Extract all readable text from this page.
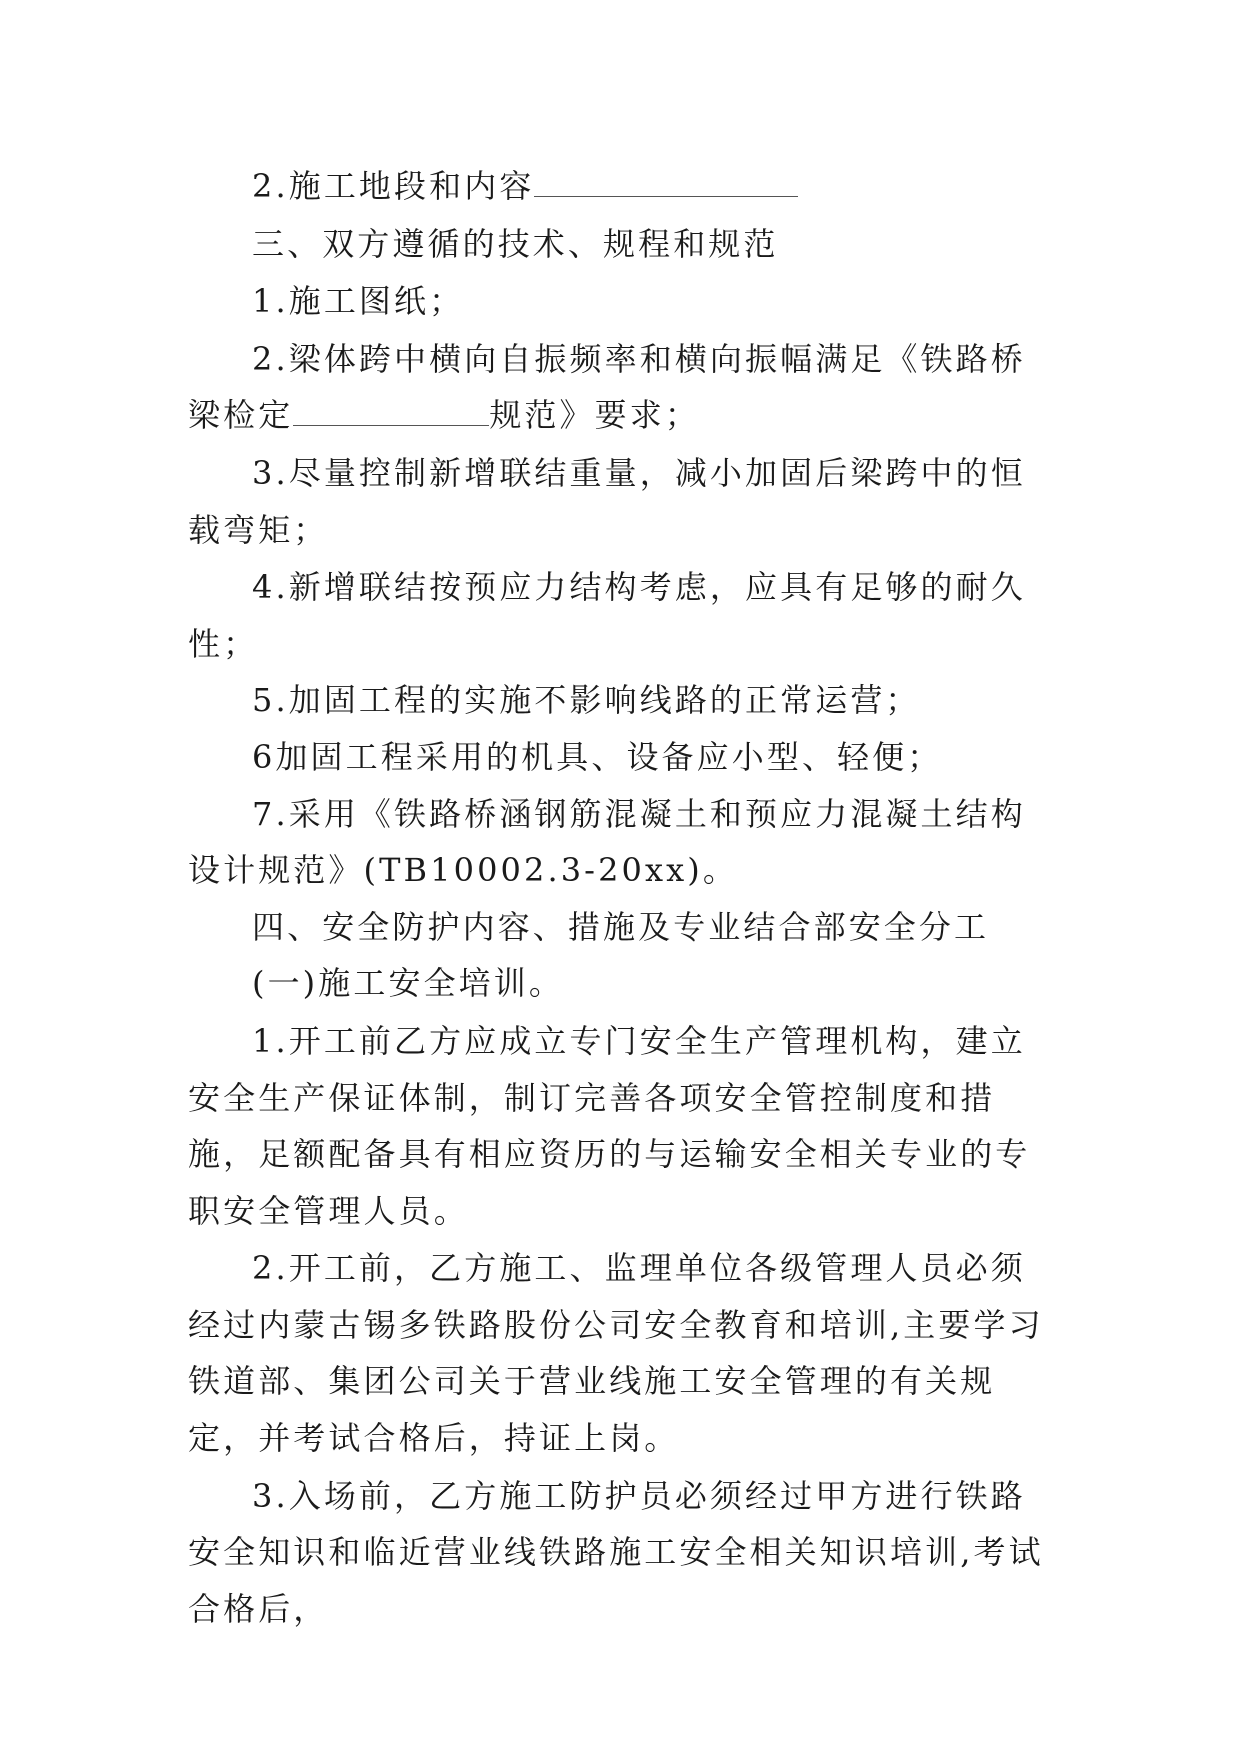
2.施工地段和内容

三、双方遵循的技术、规程和规范

1.施工图纸；

2.梁体跨中横向自振频率和横向振幅满足《铁路桥梁检定	规范》要求；

3.尽量控制新增联结重量，减小加固后梁跨中的恒载弯矩；

4.新增联结按预应力结构考虑，应具有足够的耐久性；

5.加固工程的实施不影响线路的正常运营；

6加固工程采用的机具、设备应小型、轻便；

7.采用《铁路桥涵钢筋混凝土和预应力混凝土结构设计规范》(TB10002.3-20xx)。

四、安全防护内容、措施及专业结合部安全分工

(一)施工安全培训。

1.开工前乙方应成立专门安全生产管理机构，建立安全生产保证体制，制订完善各项安全管控制度和措施，足额配备具有相应资历的与运输安全相关专业的专职安全管理人员。

2.开工前，乙方施工、监理单位各级管理人员必须经过内蒙古锡多铁路股份公司安全教育和培训,主要学习铁道部、集团公司关于营业线施工安全管理的有关规定，并考试合格后，持证上岗。

3.入场前，乙方施工防护员必须经过甲方进行铁路安全知识和临近营业线铁路施工安全相关知识培训,考试合格后，
